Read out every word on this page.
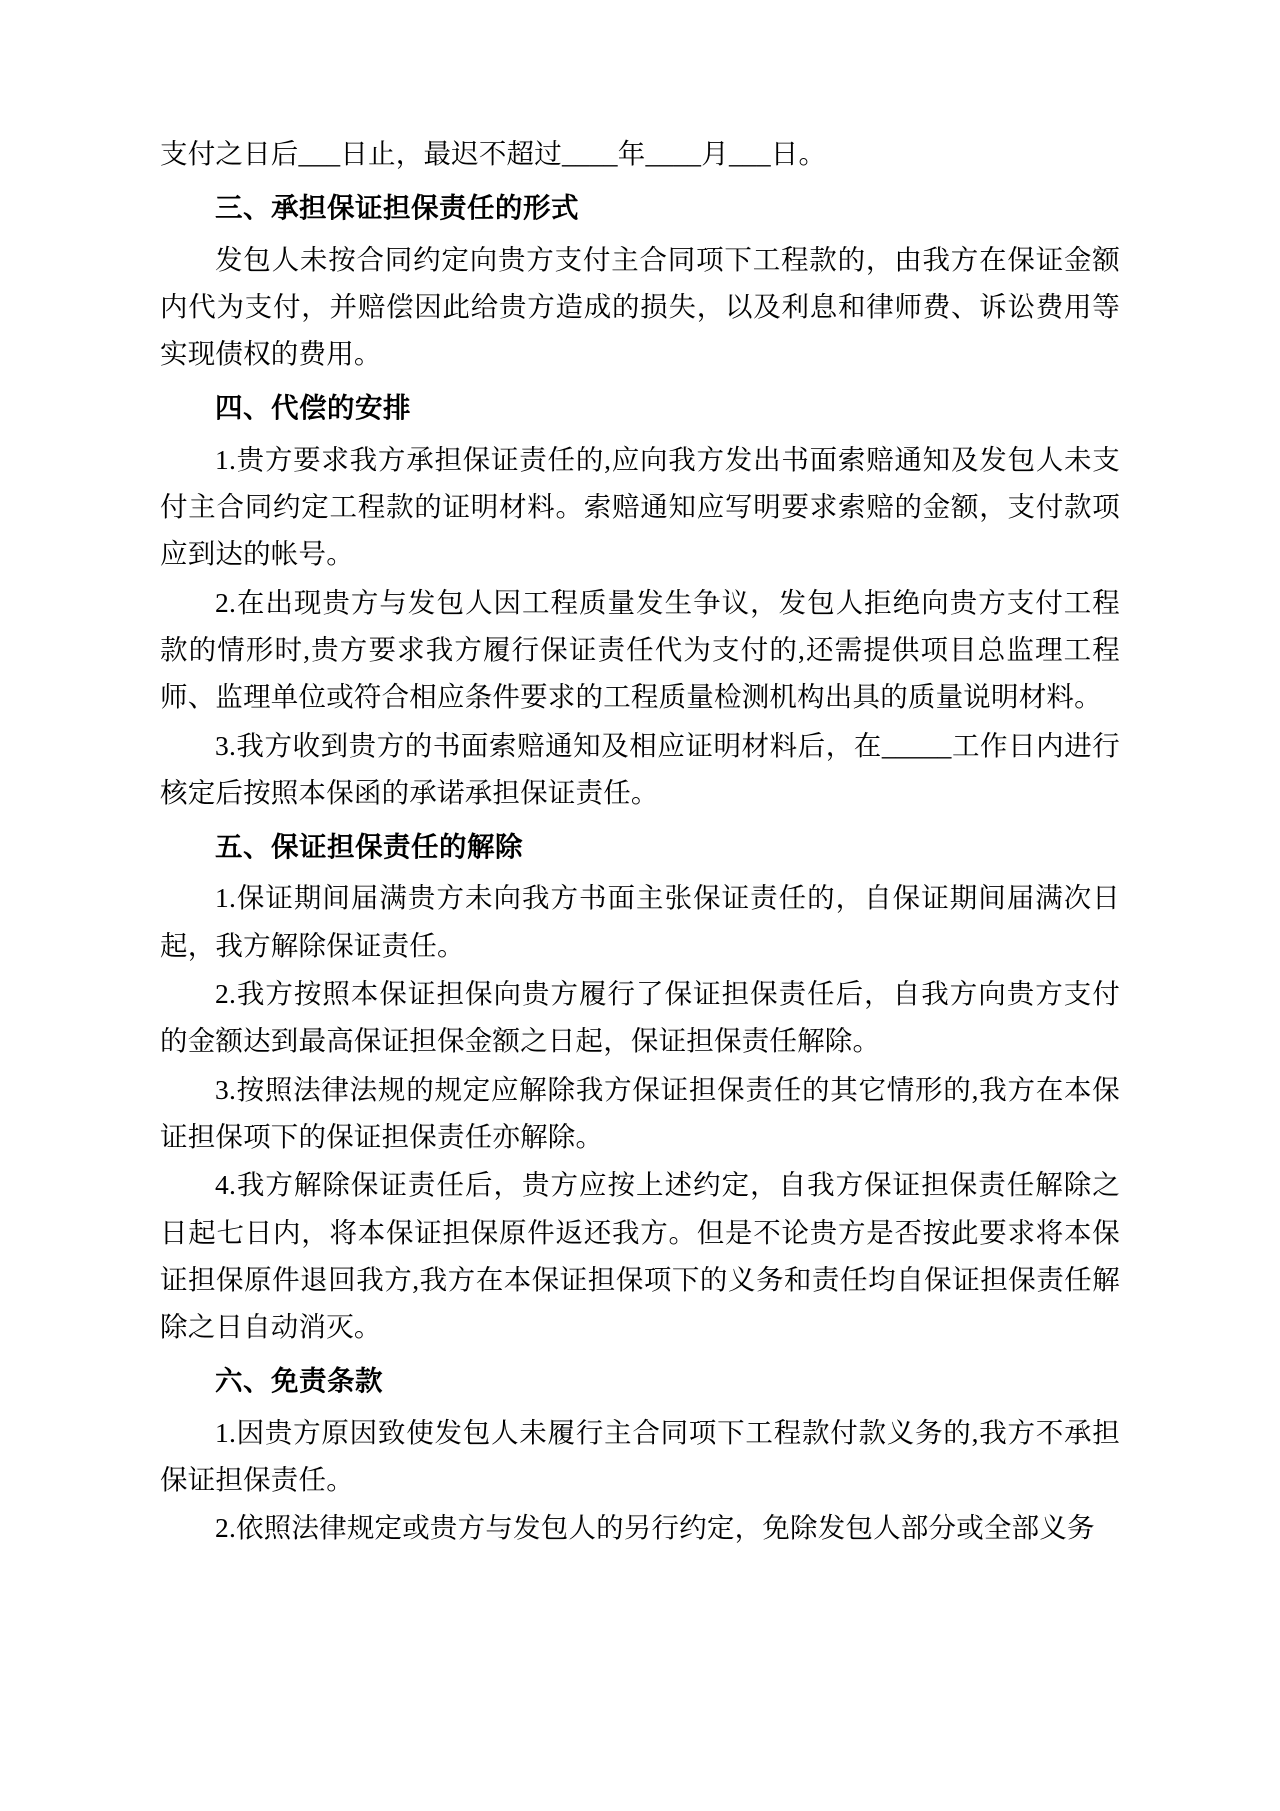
支付之日后___日止，最迟不超过____年____月___日。

三、承担保证担保责任的形式

发包人未按合同约定向贵方支付主合同项下工程款的，由我方在保证金额内代为支付，并赔偿因此给贵方造成的损失，以及利息和律师费、诉讼费用等实现债权的费用。

四、代偿的安排

1.贵方要求我方承担保证责任的,应向我方发出书面索赔通知及发包人未支付主合同约定工程款的证明材料。索赔通知应写明要求索赔的金额，支付款项应到达的帐号。

2.在出现贵方与发包人因工程质量发生争议，发包人拒绝向贵方支付工程款的情形时,贵方要求我方履行保证责任代为支付的,还需提供项目总监理工程师、监理单位或符合相应条件要求的工程质量检测机构出具的质量说明材料。

3.我方收到贵方的书面索赔通知及相应证明材料后，在_____工作日内进行核定后按照本保函的承诺承担保证责任。

五、保证担保责任的解除

1.保证期间届满贵方未向我方书面主张保证责任的，自保证期间届满次日起，我方解除保证责任。

2.我方按照本保证担保向贵方履行了保证担保责任后，自我方向贵方支付的金额达到最高保证担保金额之日起，保证担保责任解除。

3.按照法律法规的规定应解除我方保证担保责任的其它情形的,我方在本保证担保项下的保证担保责任亦解除。

4.我方解除保证责任后，贵方应按上述约定，自我方保证担保责任解除之日起七日内，将本保证担保原件返还我方。但是不论贵方是否按此要求将本保证担保原件退回我方,我方在本保证担保项下的义务和责任均自保证担保责任解除之日自动消灭。

六、免责条款

1.因贵方原因致使发包人未履行主合同项下工程款付款义务的,我方不承担保证担保责任。

2.依照法律规定或贵方与发包人的另行约定，免除发包人部分或全部义务
